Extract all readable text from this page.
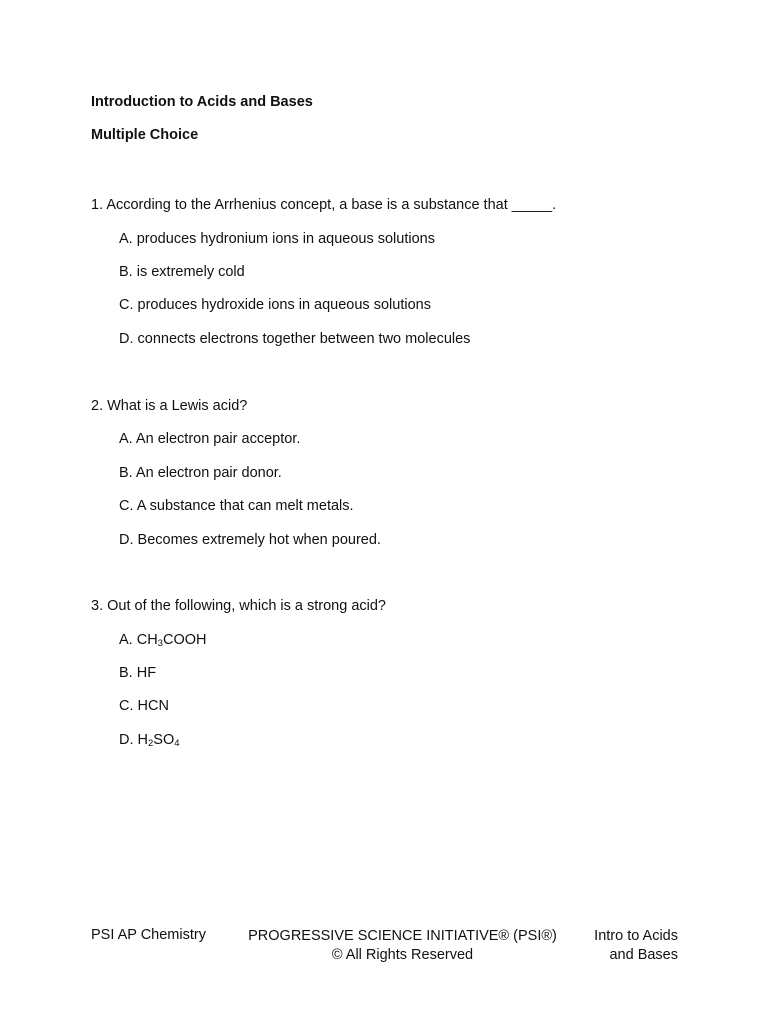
Introduction to Acids and Bases
Multiple Choice
1. According to the Arrhenius concept, a base is a substance that _____.
A. produces hydronium ions in aqueous solutions
B. is extremely cold
C. produces hydroxide ions in aqueous solutions
D. connects electrons together between two molecules
2. What is a Lewis acid?
A. An electron pair acceptor.
B. An electron pair donor.
C. A substance that can melt metals.
D. Becomes extremely hot when poured.
3. Out of the following, which is a strong acid?
A. $CH_3COOH$
B. HF
C. HCN
D. $H_2SO_4$
PSI AP Chemistry	PROGRESSIVE SCIENCE INITIATIVE® (PSI®)
© All Rights Reserved
Intro to Acids
and Bases
